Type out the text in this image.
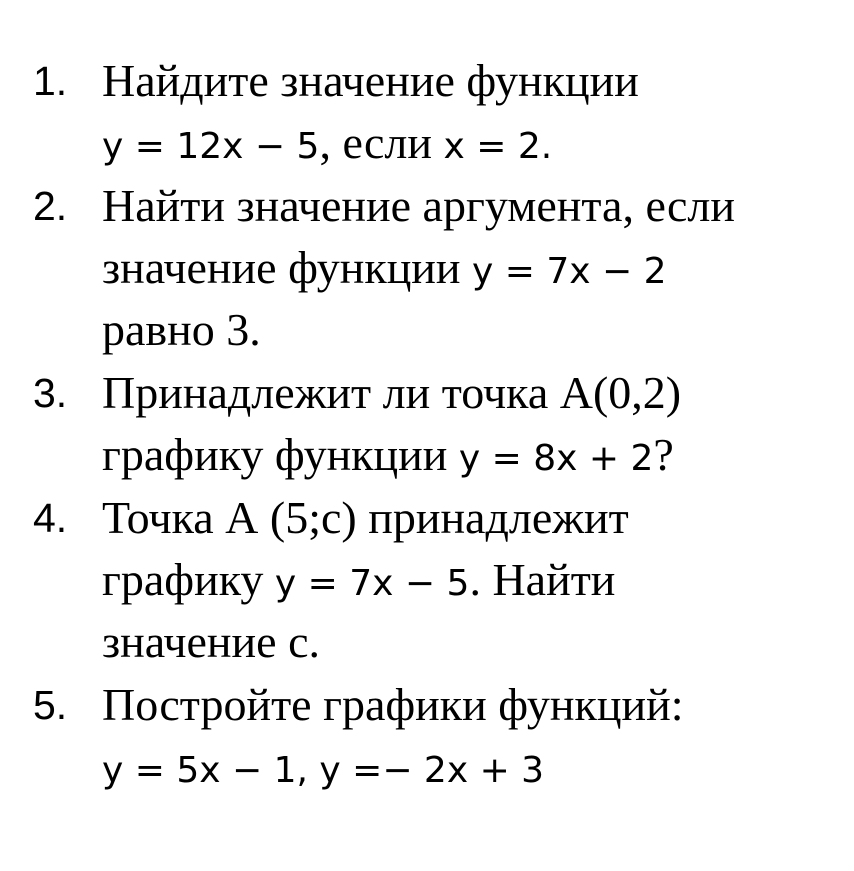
1. Найдите значение функции
у = 12х − 5, если х = 2.
2. Найти значение аргумента, если
значение функции у = 7х − 2
равно 3.
3. Принадлежит ли точка А(0,2)
графику функции у = 8х + 2?
4. Точка А (5;с) принадлежит
графику у = 7х − 5. Найти
значение с.
5. Постройте графики функций:
у = 5х − 1, у =− 2х + 3
